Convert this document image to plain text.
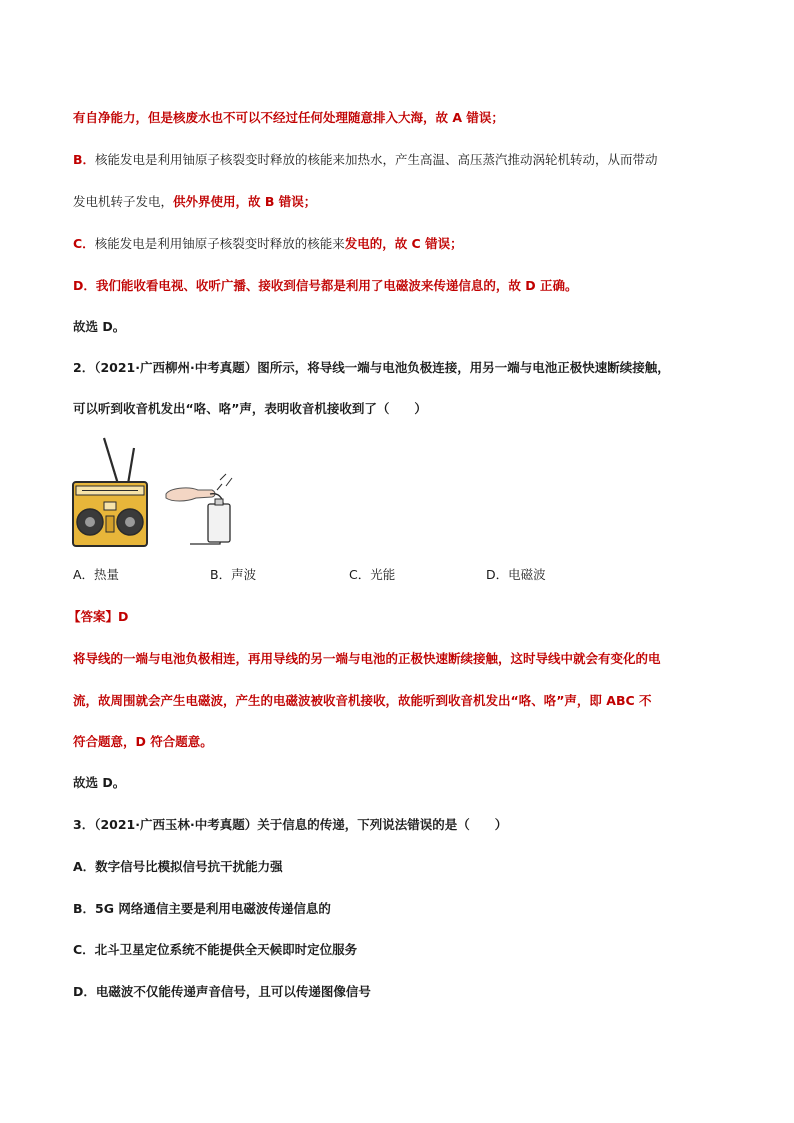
有自净能力，但是核废水也不可以不经过任何处理随意排入大海，故 A 错误；
B．核能发电是利用铀原子核裂变时释放的核能来加热水，产生高温、高压蒸汽推动涡轮机转动，从而带动
发电机转子发电，供外界使用，故 B 错误；
C．核能发电是利用铀原子核裂变时释放的核能来发电的，故 C 错误；
D．我们能收看电视、收听广播、接收到信号都是利用了电磁波来传递信息的，故 D 正确。
故选 D。
2．（2021·广西柳州·中考真题）图所示，将导线一端与电池负极连接，用另一端与电池正极快速断续接触，
可以听到收音机发出“咯、咯”声，表明收音机接收到了（　　）
A．热量	B．声波	C．光能	D．电磁波
【答案】D
将导线的一端与电池负极相连，再用导线的另一端与电池的正极快速断续接触，这时导线中就会有变化的电
流，故周围就会产生电磁波，产生的电磁波被收音机接收，故能听到收音机发出“咯、咯”声，即 ABC 不
符合题意，D 符合题意。
故选 D。
3．（2021·广西玉林·中考真题）关于信息的传递，下列说法错误的是（　　）
A．数字信号比模拟信号抗干扰能力强
B．5G 网络通信主要是利用电磁波传递信息的
C．北斗卫星定位系统不能提供全天候即时定位服务
D．电磁波不仅能传递声音信号，且可以传递图像信号
